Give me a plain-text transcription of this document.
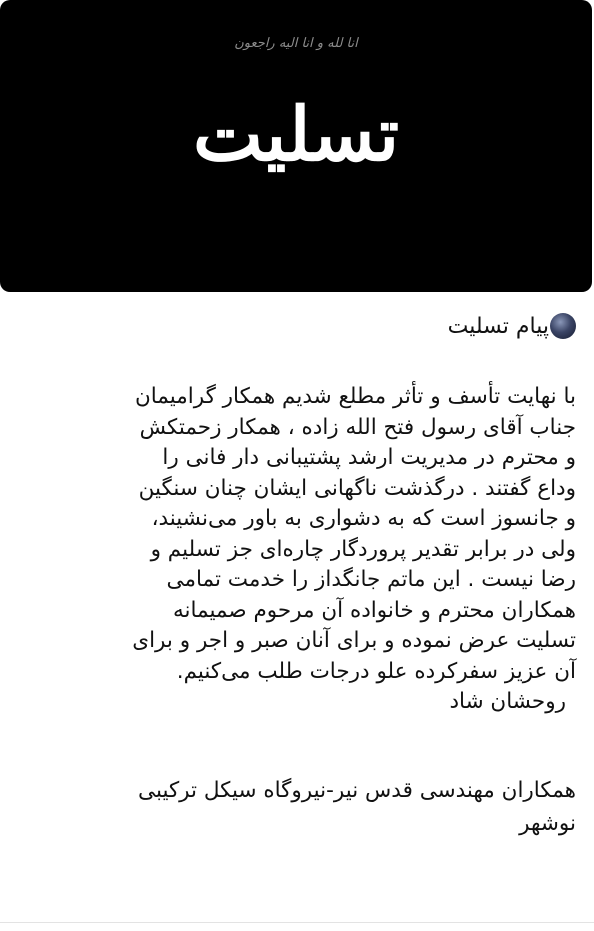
انا لله و انا الیه راجعون
تسلیت
پیام تسلیت
با نهایت تأسف و تأثر مطلع شدیم همکار گرامیمان
جناب آقای رسول فتح الله زاده ، همکار زحمتکش
و محترم در مدیریت ارشد پشتیبانی دار فانی را
وداع گفتند . درگذشت ناگهانی ایشان چنان سنگین
و جانسوز است که به دشواری به باور می‌نشیند،
ولی در برابر تقدیر پروردگار چاره‌ای جز تسلیم و
رضا نیست . این ماتم جانگداز را خدمت تمامی
همکاران محترم و خانواده آن مرحوم صمیمانه
تسلیت عرض نموده و برای آنان صبر و اجر و برای
آن عزیز سفرکرده علو درجات طلب می‌کنیم.
روحشان شاد
همکاران مهندسی قدس نیر-نیروگاه سیکل ترکیبی
نوشهر
